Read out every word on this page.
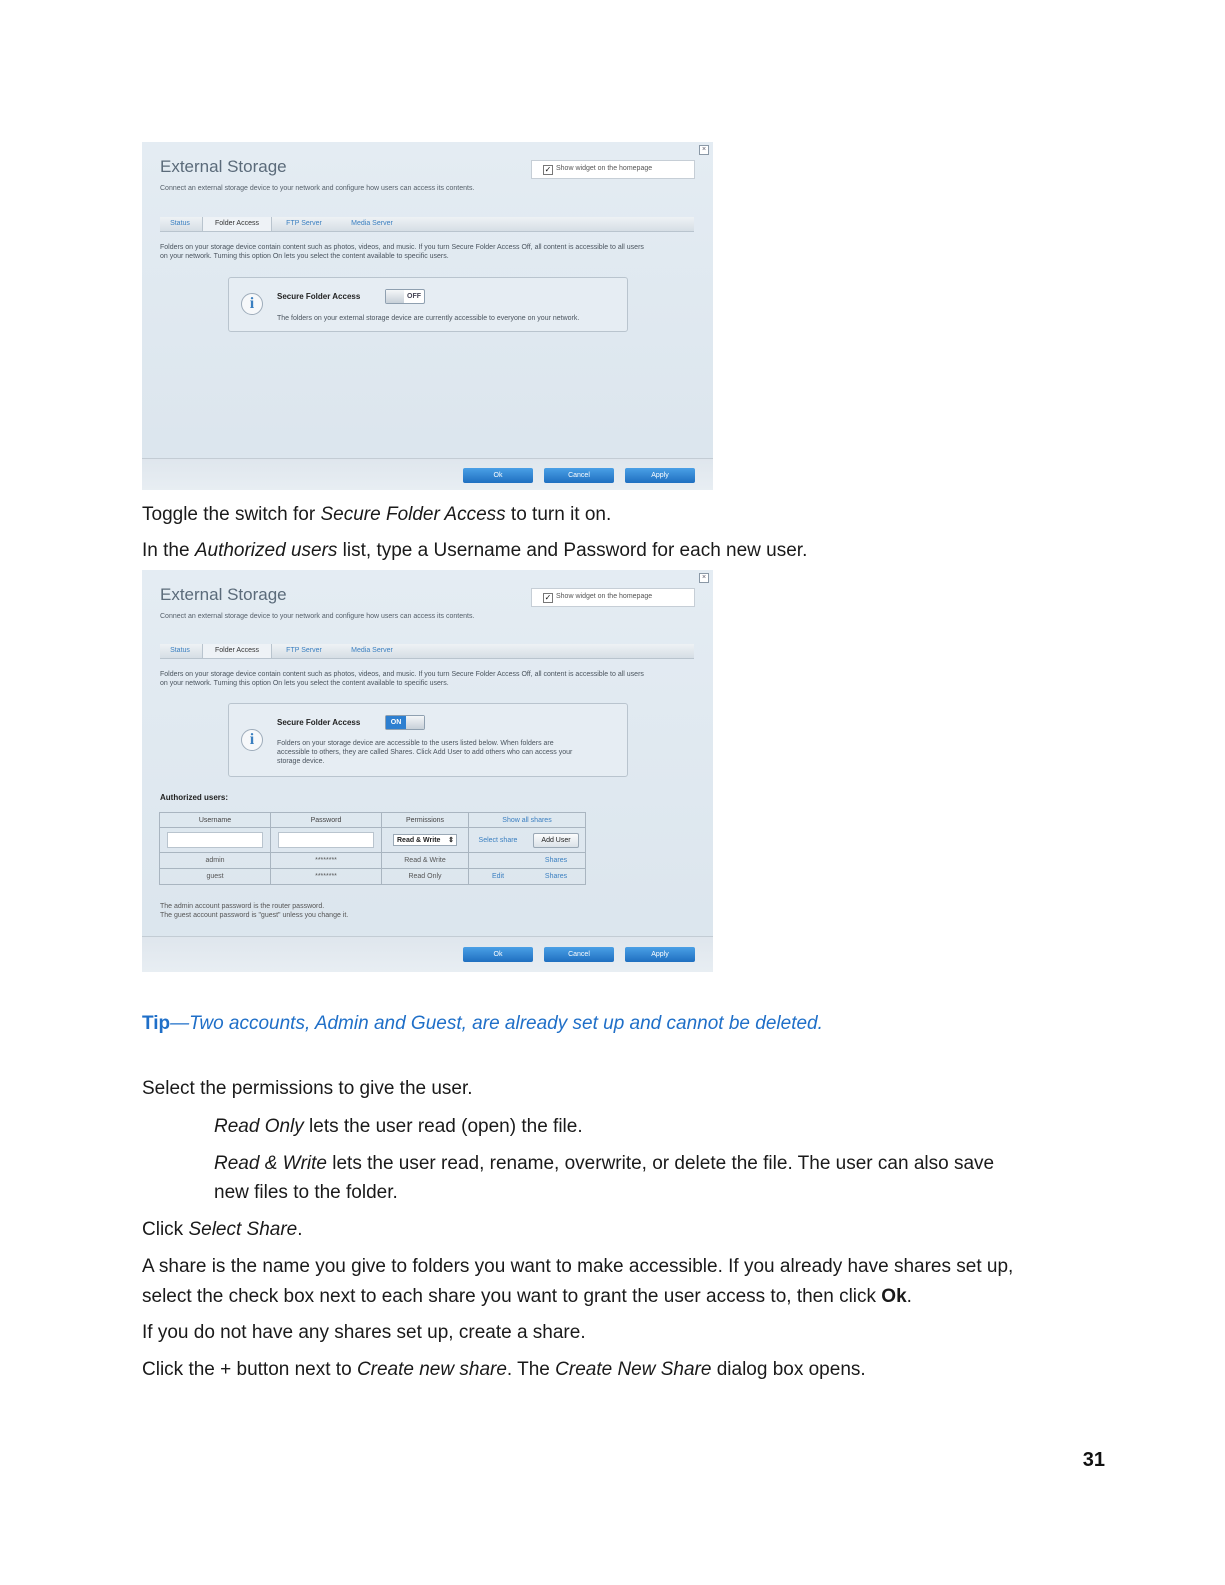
×
External Storage
Connect an external storage device to your network and configure how users can access its contents.
✓ Show widget on the homepage
Status	Folder Access	FTP Server	Media Server
Folders on your storage device contain content such as photos, videos, and music. If you turn Secure Folder Access Off, all content is accessible to all users
on your network. Turning this option On lets you select the content available to specific users.
i	Secure Folder Access	OFF
The folders on your external storage device are currently accessible to everyone on your network.
Ok	Cancel	Apply
Toggle the switch for Secure Folder Access to turn it on.
In the Authorized users list, type a Username and Password for each new user.
×
External Storage
Connect an external storage device to your network and configure how users can access its contents.
✓ Show widget on the homepage
Status	Folder Access	FTP Server	Media Server
Folders on your storage device contain content such as photos, videos, and music. If you turn Secure Folder Access Off, all content is accessible to all users
on your network. Turning this option On lets you select the content available to specific users.
i
Secure Folder Access	ON
Folders on your storage device are accessible to the users listed below. When folders are
accessible to others, they are called Shares. Click Add User to add others who can access your
storage device.
Authorized users:
Username	Password	Permissions	Show all shares	
		Read & Write ⇕	Select share	Add User
admin	********	Read & Write		Shares
guest	********	Read Only	Edit	Shares
The admin account password is the router password.
The guest account password is "guest" unless you change it.
Ok	Cancel	Apply
Tip—Two accounts, Admin and Guest, are already set up and cannot be deleted.
Select the permissions to give the user.
Read Only lets the user read (open) the file.
Read & Write lets the user read, rename, overwrite, or delete the file. The user can also save
new files to the folder.
Click Select Share.
A share is the name you give to folders you want to make accessible. If you already have shares set up,
select the check box next to each share you want to grant the user access to, then click Ok.
If you do not have any shares set up, create a share.
Click the + button next to Create new share. The Create New Share dialog box opens.
31
